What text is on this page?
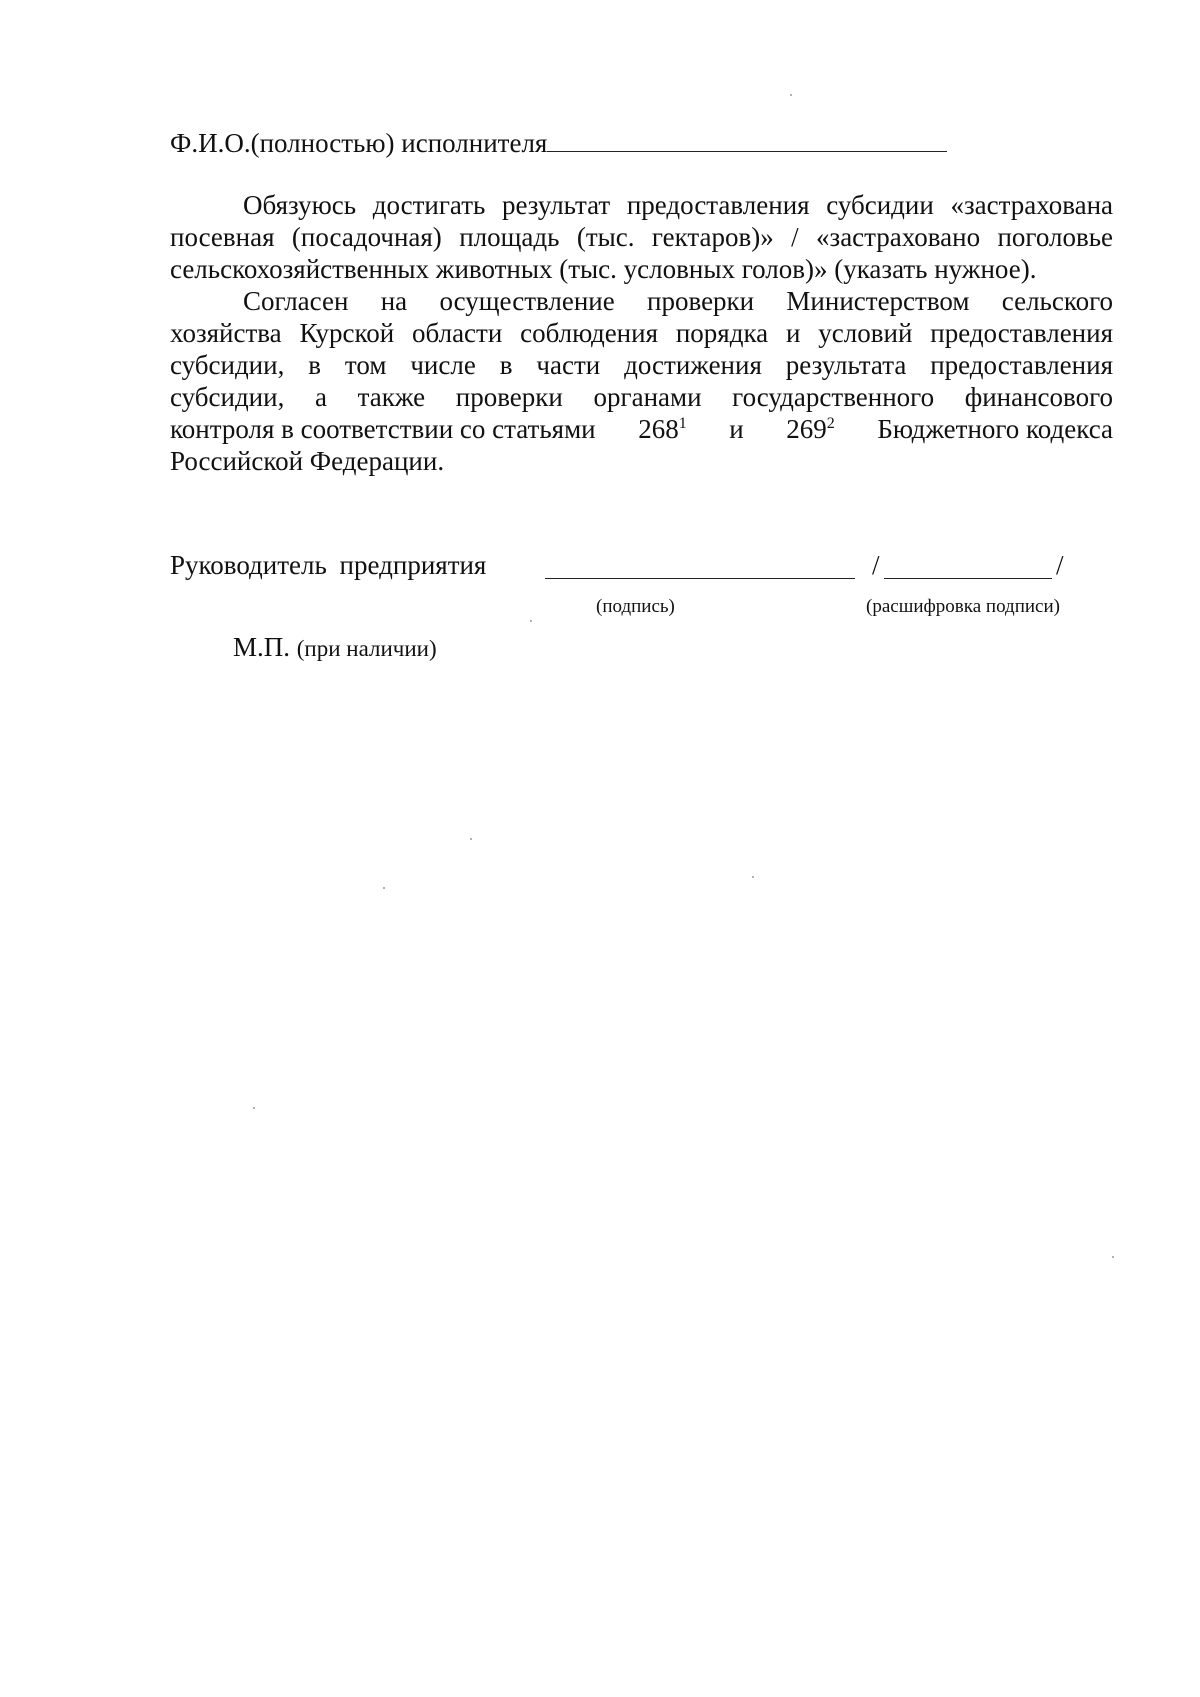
Ф.И.О.(полностью) исполнителя
Обязуюсь достигать результат предоставления субсидии «застрахована
посевная (посадочная) площадь (тыс. гектаров)» / «застраховано поголовье
сельскохозяйственных животных (тыс. условных голов)» (указать нужное).
Согласен на осуществление проверки Министерством сельского
хозяйства Курской области соблюдения порядка и условий предоставления
субсидии, в том числе в части достижения результата предоставления
субсидии, а также проверки органами государственного финансового
контроля в соответствии со статьями $268^1$ и $269^2$ Бюджетного кодекса
Российской Федерации.
Руководитель предприятия	/	/
(подпись)	(расшифровка подписи)
М.П. (при наличии)
